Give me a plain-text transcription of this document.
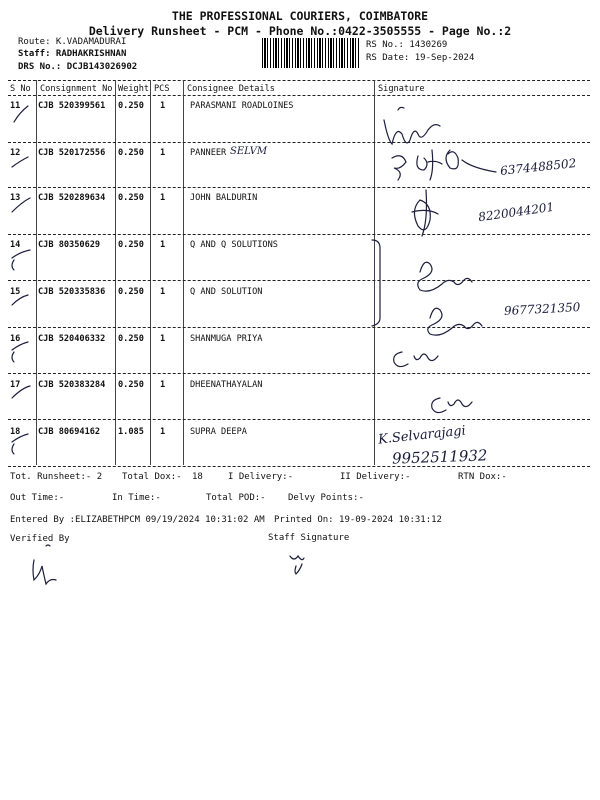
THE PROFESSIONAL COURIERS, COIMBATORE
Delivery Runsheet - PCM - Phone No.:0422-3505555 - Page No.:2
Route: K.VADAMADURAI
Staff: RADHAKRISHNAN
DRS No.: DCJB143026902
RS No.: 1430269
RS Date: 19-Sep-2024
S No Consignment No Weight PCS Consignee Details	Signature
11 CJB 520399561 0.250 1	PARASMANI ROADLOINES
12 CJB 520172556 0.250 1	PANNEER SELVM
6374488502
13 CJB 520289634 0.250 1	JOHN BALDURIN
8220044201
14 CJB 80350629 0.250 1	Q AND Q SOLUTIONS
15 CJB 520335836 0.250 1	Q AND SOLUTION
9677321350
16 CJB 520406332 0.250 1	SHANMUGA PRIYA
17 CJB 520383284 0.250 1	DHEENATHAYALAN
18 CJB 80694162 1.085 1	SUPRA DEEPA	K.Selvarajagi
9952511932
Tot. Runsheet:- 2 Total Dox:- 18	I Delivery:-	II Delivery:-	RTN Dox:-
Out Time:-	In Time:-	Total POD:- Delvy Points:-
Entered By :ELIZABETHPCM 09/19/2024 10:31:02 AM Printed On: 19-09-2024 10:31:12
Verified By	Staff Signature
